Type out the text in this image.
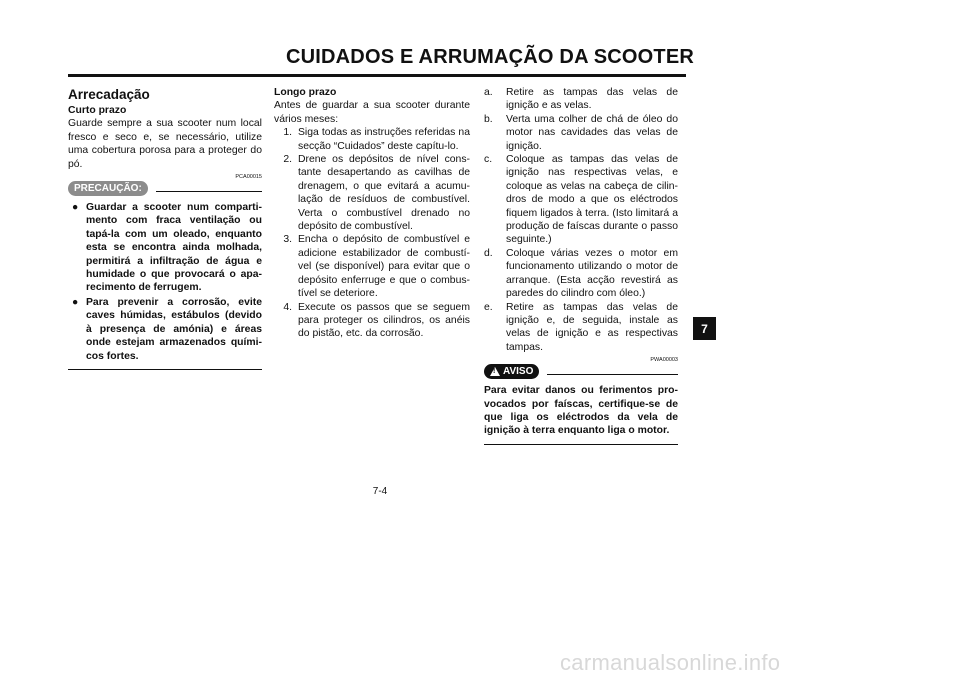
CUIDADOS E ARRUMAÇÃO DA SCOOTER
Arrecadação
Curto prazo
Guarde sempre a sua scooter num local fresco e seco e, se necessário, utilize uma cobertura porosa para a proteger do pó.
PCA00015
PRECAUÇÃO:
● Guardar a scooter num comparti-mento com fraca ventilação ou tapá-la com um oleado, enquanto esta se encontra ainda molhada, permitirá a infiltração de água e humidade o que provocará o apa-recimento de ferrugem.
● Para prevenir a corrosão, evite caves húmidas, estábulos (devido à presença de amónia) e áreas onde estejam armazenados quími-cos fortes.
Longo prazo
Antes de guardar a sua scooter durante vários meses:
1. Siga todas as instruções referidas na secção “Cuidados” deste capítu-lo.
2. Drene os depósitos de nível cons-tante desapertando as cavilhas de drenagem, o que evitará a acumu-lação de resíduos de combustível. Verta o combustível drenado no depósito de combustível.
3. Encha o depósito de combustível e adicione estabilizador de combustí-vel (se disponível) para evitar que o depósito enferruge e que o combus-tível se deteriore.
4. Execute os passos que se seguem para proteger os cilindros, os anéis do pistão, etc. da corrosão.
a.	Retire as tampas das velas de ignição e as velas.
b.	Verta uma colher de chá de óleo do motor nas cavidades das velas de ignição.
c.	Coloque as tampas das velas de ignição nas respectivas velas, e coloque as velas na cabeça de cilin-dros de modo a que os eléctrodos fiquem ligados à terra. (Isto limitará a produção de faíscas durante o passo seguinte.)
d.	Coloque várias vezes o motor em funcionamento utilizando o motor de arranque. (Esta acção revestirá as paredes do cilindro com óleo.)
e.	Retire as tampas das velas de ignição e, de seguida, instale as velas de ignição e as respectivas tampas.
PWA00003
!
AVISO
Para evitar danos ou ferimentos pro-vocados por faíscas, certifique-se de que liga os eléctrodos da vela de ignição à terra enquanto liga o motor.
7-4
7
carmanualsonline.info
